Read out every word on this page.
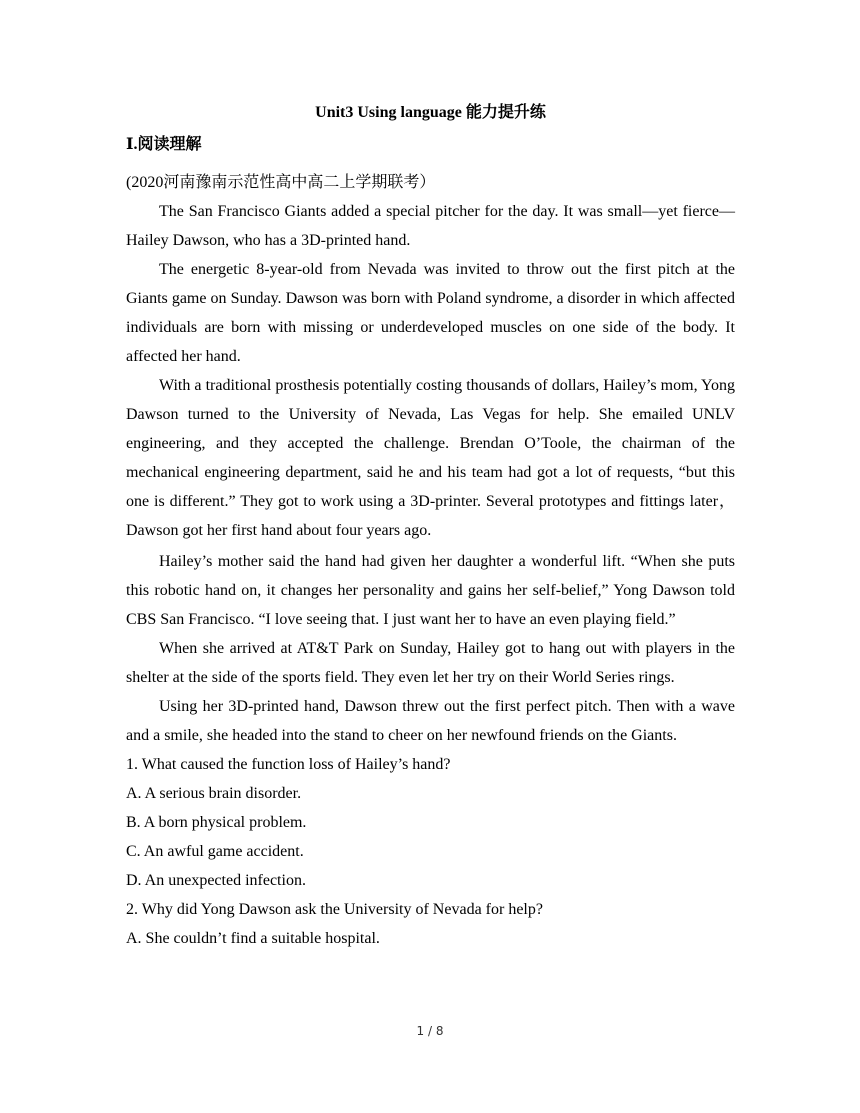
Unit3 Using language 能力提升练
Ⅰ.阅读理解

(2020河南豫南示范性高中高二上学期联考）

The San Francisco Giants added a special pitcher for the day. It was small—yet fierce—Hailey Dawson, who has a 3D-printed hand.

The energetic 8-year-old from Nevada was invited to throw out the first pitch at the Giants game on Sunday. Dawson was born with Poland syndrome, a disorder in which affected individuals are born with missing or underdeveloped muscles on one side of the body. It affected her hand.

With a traditional prosthesis potentially costing thousands of dollars, Hailey’s mom, Yong Dawson turned to the University of Nevada, Las Vegas for help. She emailed UNLV engineering, and they accepted the challenge. Brendan O’Toole, the chairman of the mechanical engineering department, said he and his team had got a lot of requests, “but this one is different.” They got to work using a 3D-printer. Several prototypes and fittings later，Dawson got her first hand about four years ago.

Hailey’s mother said the hand had given her daughter a wonderful lift. “When she puts this robotic hand on, it changes her personality and gains her self-belief,” Yong Dawson told CBS San Francisco. “I love seeing that. I just want her to have an even playing field.”

When she arrived at AT&T Park on Sunday, Hailey got to hang out with players in the shelter at the side of the sports field. They even let her try on their World Series rings.

Using her 3D-printed hand, Dawson threw out the first perfect pitch. Then with a wave and a smile, she headed into the stand to cheer on her newfound friends on the Giants.

1. What caused the function loss of Hailey’s hand?

A. A serious brain disorder.

B. A born physical problem.

C. An awful game accident.

D. An unexpected infection.

2. Why did Yong Dawson ask the University of Nevada for help?

A. She couldn’t find a suitable hospital.

1 / 8
